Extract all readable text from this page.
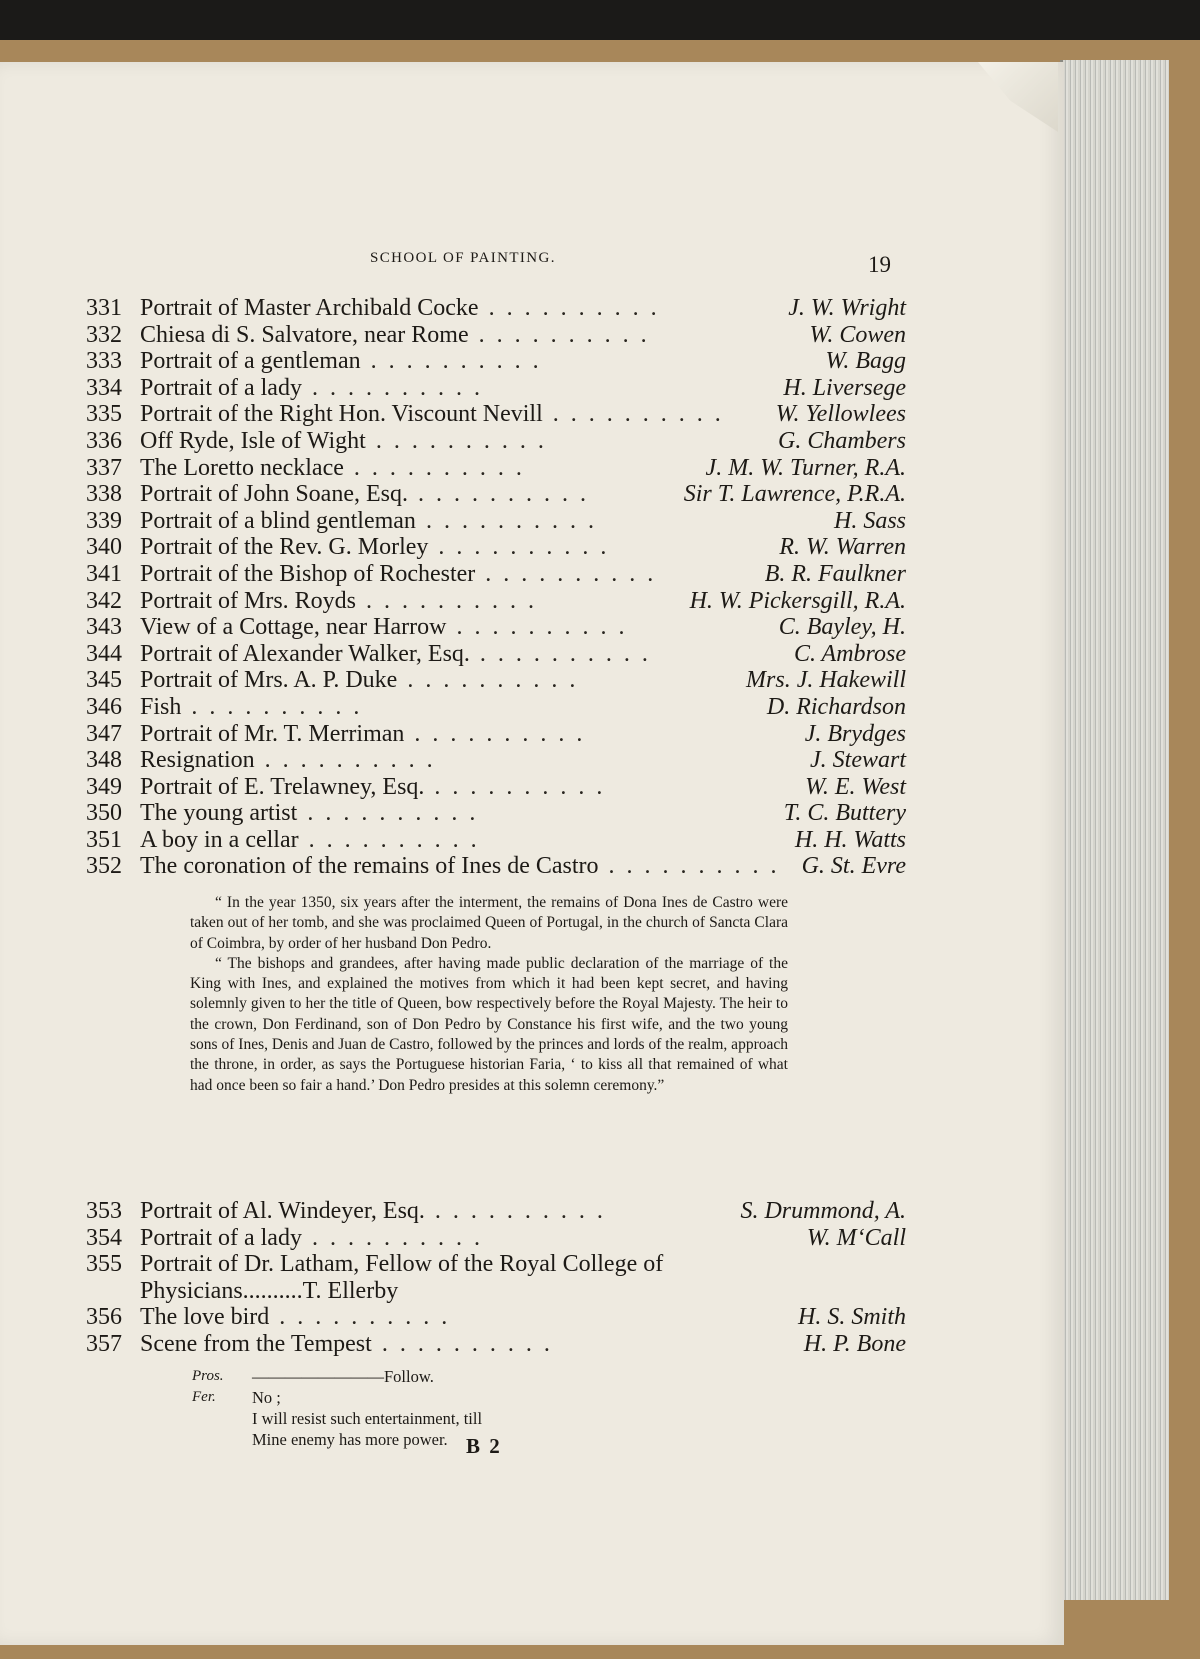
SCHOOL OF PAINTING.	19
331 Portrait of Master Archibald Cocke ..........	J. W. Wright
332 Chiesa di S. Salvatore, near Rome ..........	W. Cowen
333 Portrait of a gentleman ..........	W. Bagg
334 Portrait of a lady ..........	H. Liversege
335 Portrait of the Right Hon. Viscount Nevill ..........	W. Yellowlees
336 Off Ryde, Isle of Wight ..........	G. Chambers
337 The Loretto necklace ..........	J. M. W. Turner, R.A.
338 Portrait of John Soane, Esq. ..........	Sir T. Lawrence, P.R.A.
339 Portrait of a blind gentleman ..........	H. Sass
340 Portrait of the Rev. G. Morley ..........	R. W. Warren
341 Portrait of the Bishop of Rochester ..........	B. R. Faulkner
342 Portrait of Mrs. Royds ..........	H. W. Pickersgill, R.A.
343 View of a Cottage, near Harrow ..........	C. Bayley, H.
344 Portrait of Alexander Walker, Esq. ..........	C. Ambrose
345 Portrait of Mrs. A. P. Duke ..........	Mrs. J. Hakewill
346 Fish ..........	D. Richardson
347 Portrait of Mr. T. Merriman ..........	J. Brydges
348 Resignation ..........	J. Stewart
349 Portrait of E. Trelawney, Esq. ..........	W. E. West
350 The young artist ..........	T. C. Buttery
351 A boy in a cellar ..........	H. H. Watts
352 The coronation of the remains of Ines de Castro .......... G. St. Evre

“ In the year 1350, six years after the interment, the remains of Dona Ines de Castro were taken out of her tomb, and she was proclaimed Queen of Portugal, in the church of Sancta Clara of Coimbra, by order of her husband Don Pedro.

“ The bishops and grandees, after having made public declaration of the marriage of the King with Ines, and explained the motives from which it had been kept secret, and having solemnly given to her the title of Queen, bow respectively before the Royal Majesty. The heir to the crown, Don Ferdinand, son of Don Pedro by Constance his first wife, and the two young sons of Ines, Denis and Juan de Castro, followed by the princes and lords of the realm, approach the throne, in order, as says the Portuguese historian Faria, ‘ to kiss all that remained of what had once been so fair a hand.’ Don Pedro presides at this solemn ceremony.”

353 Portrait of Al. Windeyer, Esq. ..........	S. Drummond, A.
354 Portrait of a lady ..........	W. M‘Call
355 Portrait of Dr. Latham, Fellow of the Royal College of
Physicians .......... T. Ellerby
356 The love bird ..........	H. S. Smith
357 Scene from the Tempest ..........	H. P. Bone
Pros.	————————Follow.
Fer.	No ;
I will resist such entertainment, till
Mine enemy has more power. B 2
